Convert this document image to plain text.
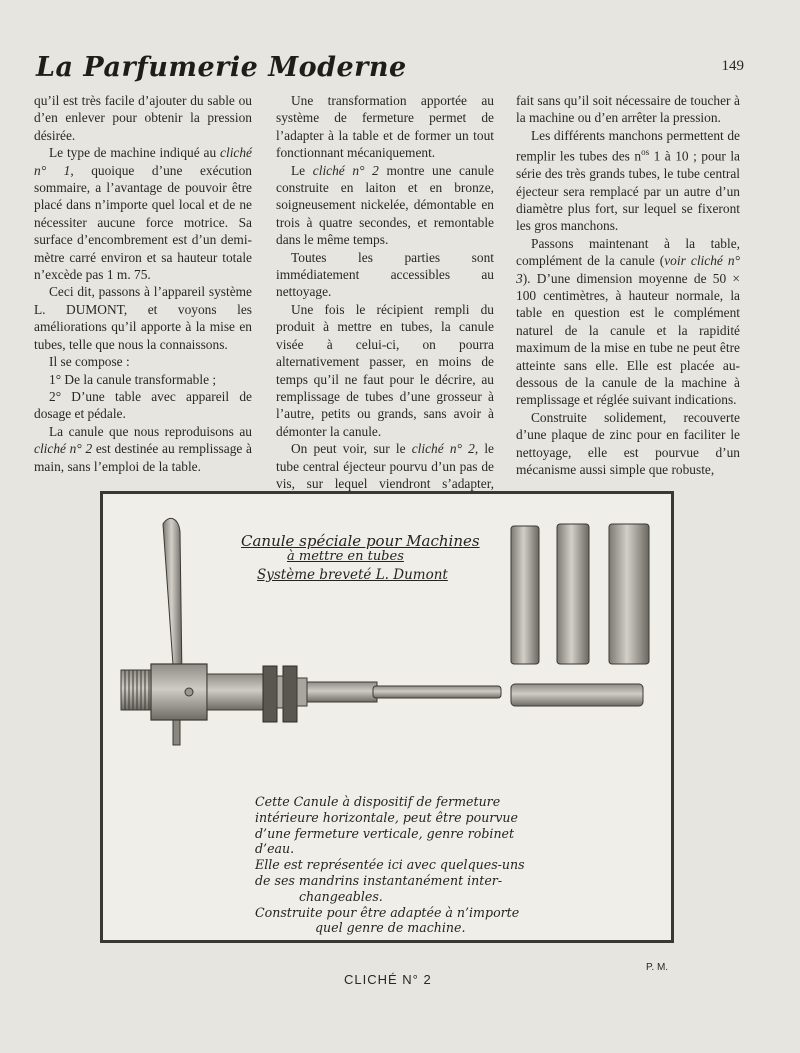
La Parfumerie Moderne	149

qu’il est très facile d’ajouter du sable ou d’en enlever pour obtenir la pression désirée.

Le type de machine indiqué au cliché n° 1, quoique d’une exécution sommaire, a l’avantage de pouvoir être placé dans n’importe quel local et de ne nécessiter aucune force motrice. Sa surface d’encombrement est d’un demi-mètre carré environ et sa hauteur totale n’excède pas 1 m. 75.

Ceci dit, passons à l’appareil système L. DUMONT, et voyons les améliorations qu’il apporte à la mise en tubes, telle que nous la connaissons.

Il se compose :

1° De la canule transformable ;

2° D’une table avec appareil de dosage et pédale.

La canule que nous reproduisons au cliché n° 2 est destinée au remplissage à main, sans l’emploi de la table.

Une transformation apportée au système de fermeture permet de l’adapter à la table et de former un tout fonctionnant mécaniquement.

Le cliché n° 2 montre une canule construite en laiton et en bronze, soigneusement nickelée, démontable en trois à quatre secondes, et remontable dans le même temps.

Toutes les parties sont immédiatement accessibles au nettoyage.

Une fois le récipient rempli du produit à mettre en tubes, la canule visée à celui-ci, on pourra alternativement passer, en moins de temps qu’il ne faut pour le décrire, au remplissage de tubes d’une grosseur à l’autre, petits ou grands, sans avoir à démonter la canule.

On peut voir, sur le cliché n° 2, le tube central éjecteur pourvu d’un pas de vis, sur lequel viendront s’adapter,

fait sans qu’il soit nécessaire de toucher à la machine ou d’en arrêter la pression.

Les différents manchons permettent de remplir les tubes des $n^{os}$ 1 à 10 ; pour la série des très grands tubes, le tube central éjecteur sera remplacé par un autre d’un diamètre plus fort, sur lequel se fixeront les gros manchons.

Passons maintenant à la table, complément de la canule (voir cliché n° 3). D’une dimension moyenne de 50 × 100 centimètres, à hauteur normale, la table en question est le complément naturel de la canule et la rapidité maximum de la mise en tube ne peut être atteinte sans elle. Elle est placée au-dessous de la canule de la machine à remplissage et réglée suivant indications.

Construite solidement, recouverte d’une plaque de zinc pour en faciliter le nettoyage, elle est pourvue d’un mécanisme aussi simple que robuste,

Canule spéciale pour Machines
à mettre en tubes
Système breveté L. Dumont
Cette Canule à dispositif de fermeture
intérieure horizontale, peut être pourvue
d’une fermeture verticale, genre robinet
d’eau.
Elle est représentée ici avec quelques-uns
de ses mandrins instantanément inter-
changeables.
Construite pour être adaptée à n’importe
quel genre de machine.
CLICHÉ N° 2
P. M.
